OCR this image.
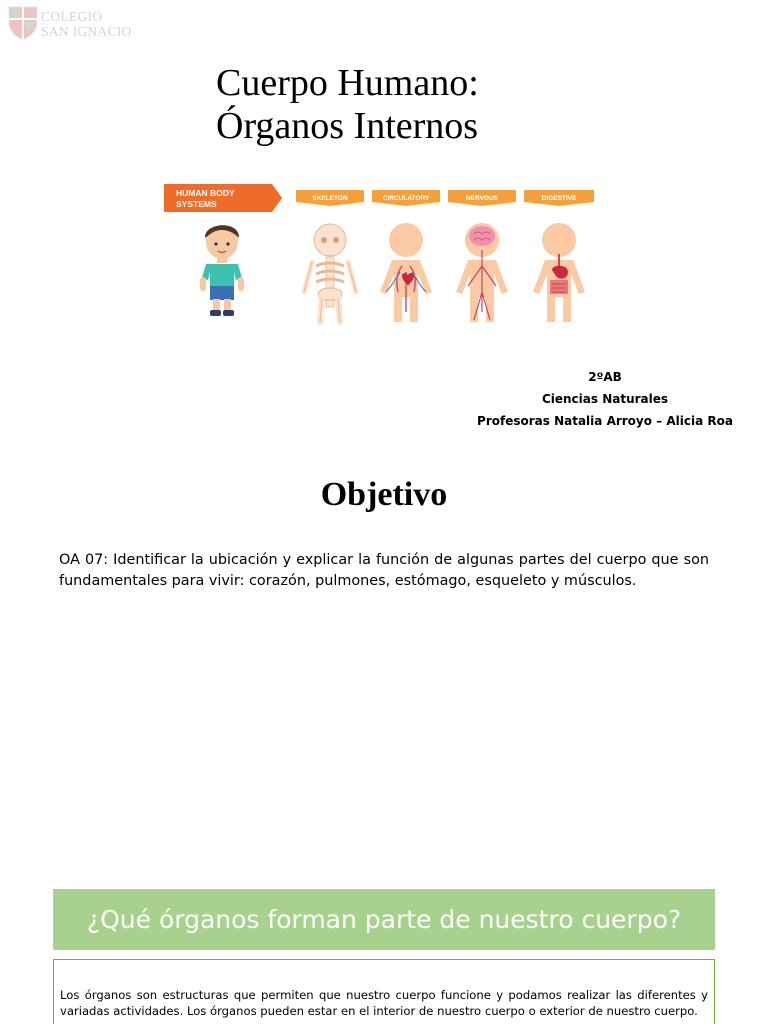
COLEGIO
SAN IGNACIO
Cuerpo Humano:
Órganos Internos
HUMAN BODY
SYSTEMS
SKELETON	CIRCULATORY	NERVOUS	DIGESTIVE
2ºAB
Ciencias Naturales
Profesoras Natalia Arroyo – Alicia Roa
Objetivo
OA 07: Identificar la ubicación y explicar la función de algunas partes del cuerpo que son fundamentales para vivir: corazón, pulmones, estómago, esqueleto y músculos.
¿Qué órganos forman parte de nuestro cuerpo?

Los órganos son estructuras que permiten que nuestro cuerpo funcione y podamos realizar las diferentes y variadas actividades. Los órganos pueden estar en el interior de nuestro cuerpo o exterior de nuestro cuerpo.
